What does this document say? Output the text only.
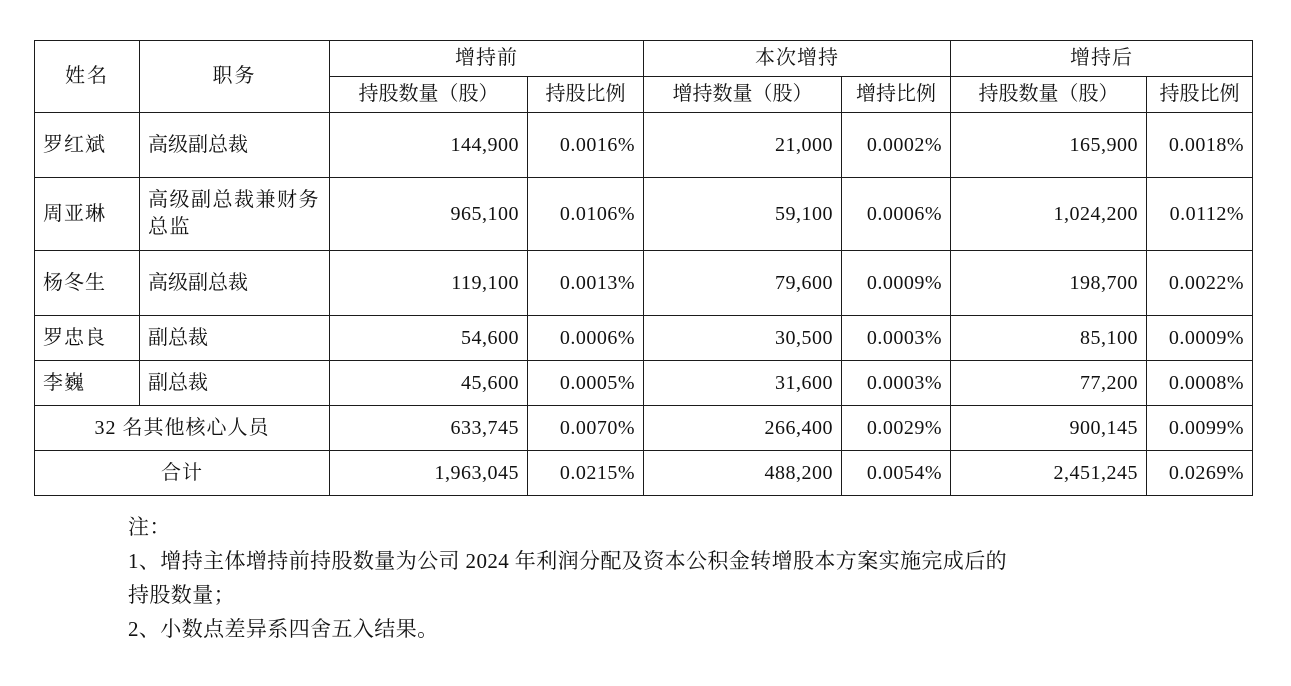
姓名	职务	增持前		本次增持		增持后	
		持股数量（股）	持股比例	增持数量（股）	增持比例	持股数量（股）	持股比例
罗红斌	高级副总裁	144,900	0.0016%	21,000	0.0002%	165,900	0.0018%
周亚琳	高级副总裁兼财务总监	965,100	0.0106%	59,100	0.0006%	1,024,200	0.0112%
杨冬生	高级副总裁	119,100	0.0013%	79,600	0.0009%	198,700	0.0022%
罗忠良	副总裁	54,600	0.0006%	30,500	0.0003%	85,100	0.0009%
李巍	副总裁	45,600	0.0005%	31,600	0.0003%	77,200	0.0008%
32 名其他核心人员		633,745	0.0070%	266,400	0.0029%	900,145	0.0099%
合计		1,963,045	0.0215%	488,200	0.0054%	2,451,245	0.0269%
注：
1、增持主体增持前持股数量为公司 2024 年利润分配及资本公积金转增股本方案实施完成后的
持股数量；
2、小数点差异系四舍五入结果。
